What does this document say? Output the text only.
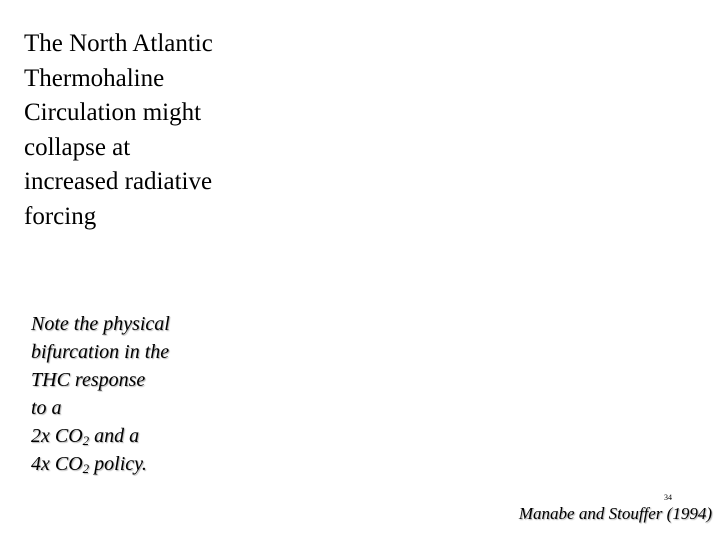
The North Atlantic
Thermohaline
Circulation might
collapse at
increased radiative
forcing
Note the physical
bifurcation in the
THC response
to a
2x $CO_2$ and a
4x $CO_2$ policy.
34
Manabe and Stouffer (1994)
